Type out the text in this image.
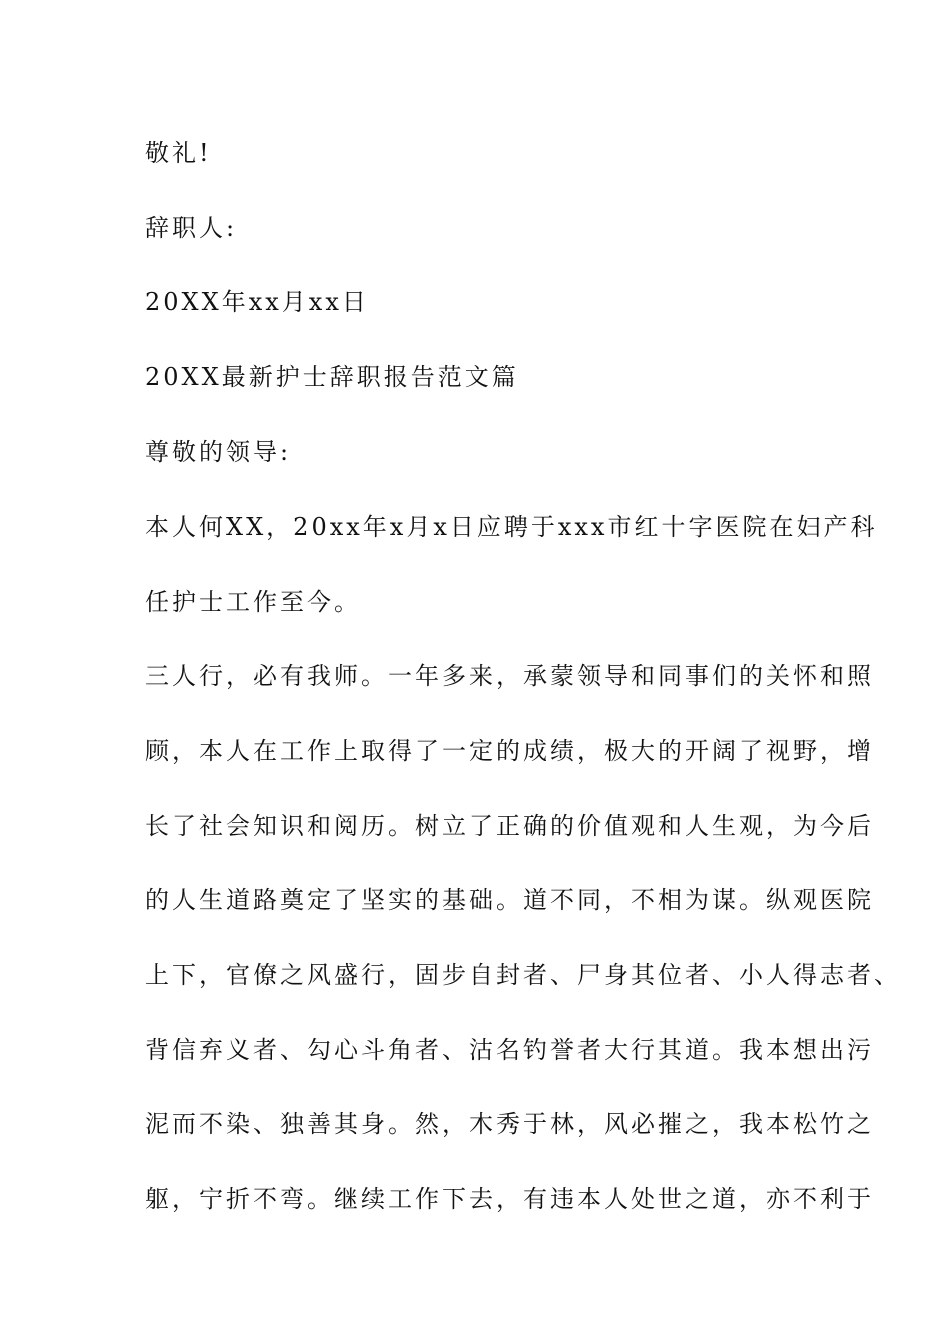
敬礼!

辞职人:

20XX年xx月xx日

20XX最新护士辞职报告范文篇

尊敬的领导:

本人何XX，20xx年x月x日应聘于xxx市红十字医院在妇产科

任护士工作至今。

三人行，必有我师。一年多来，承蒙领导和同事们的关怀和照

顾，本人在工作上取得了一定的成绩，极大的开阔了视野，增

长了社会知识和阅历。树立了正确的价值观和人生观，为今后

的人生道路奠定了坚实的基础。道不同，不相为谋。纵观医院

上下，官僚之风盛行，固步自封者、尸身其位者、小人得志者、

背信弃义者、勾心斗角者、沽名钓誉者大行其道。我本想出污

泥而不染、独善其身。然，木秀于林，风必摧之，我本松竹之

躯，宁折不弯。继续工作下去，有违本人处世之道，亦不利于
